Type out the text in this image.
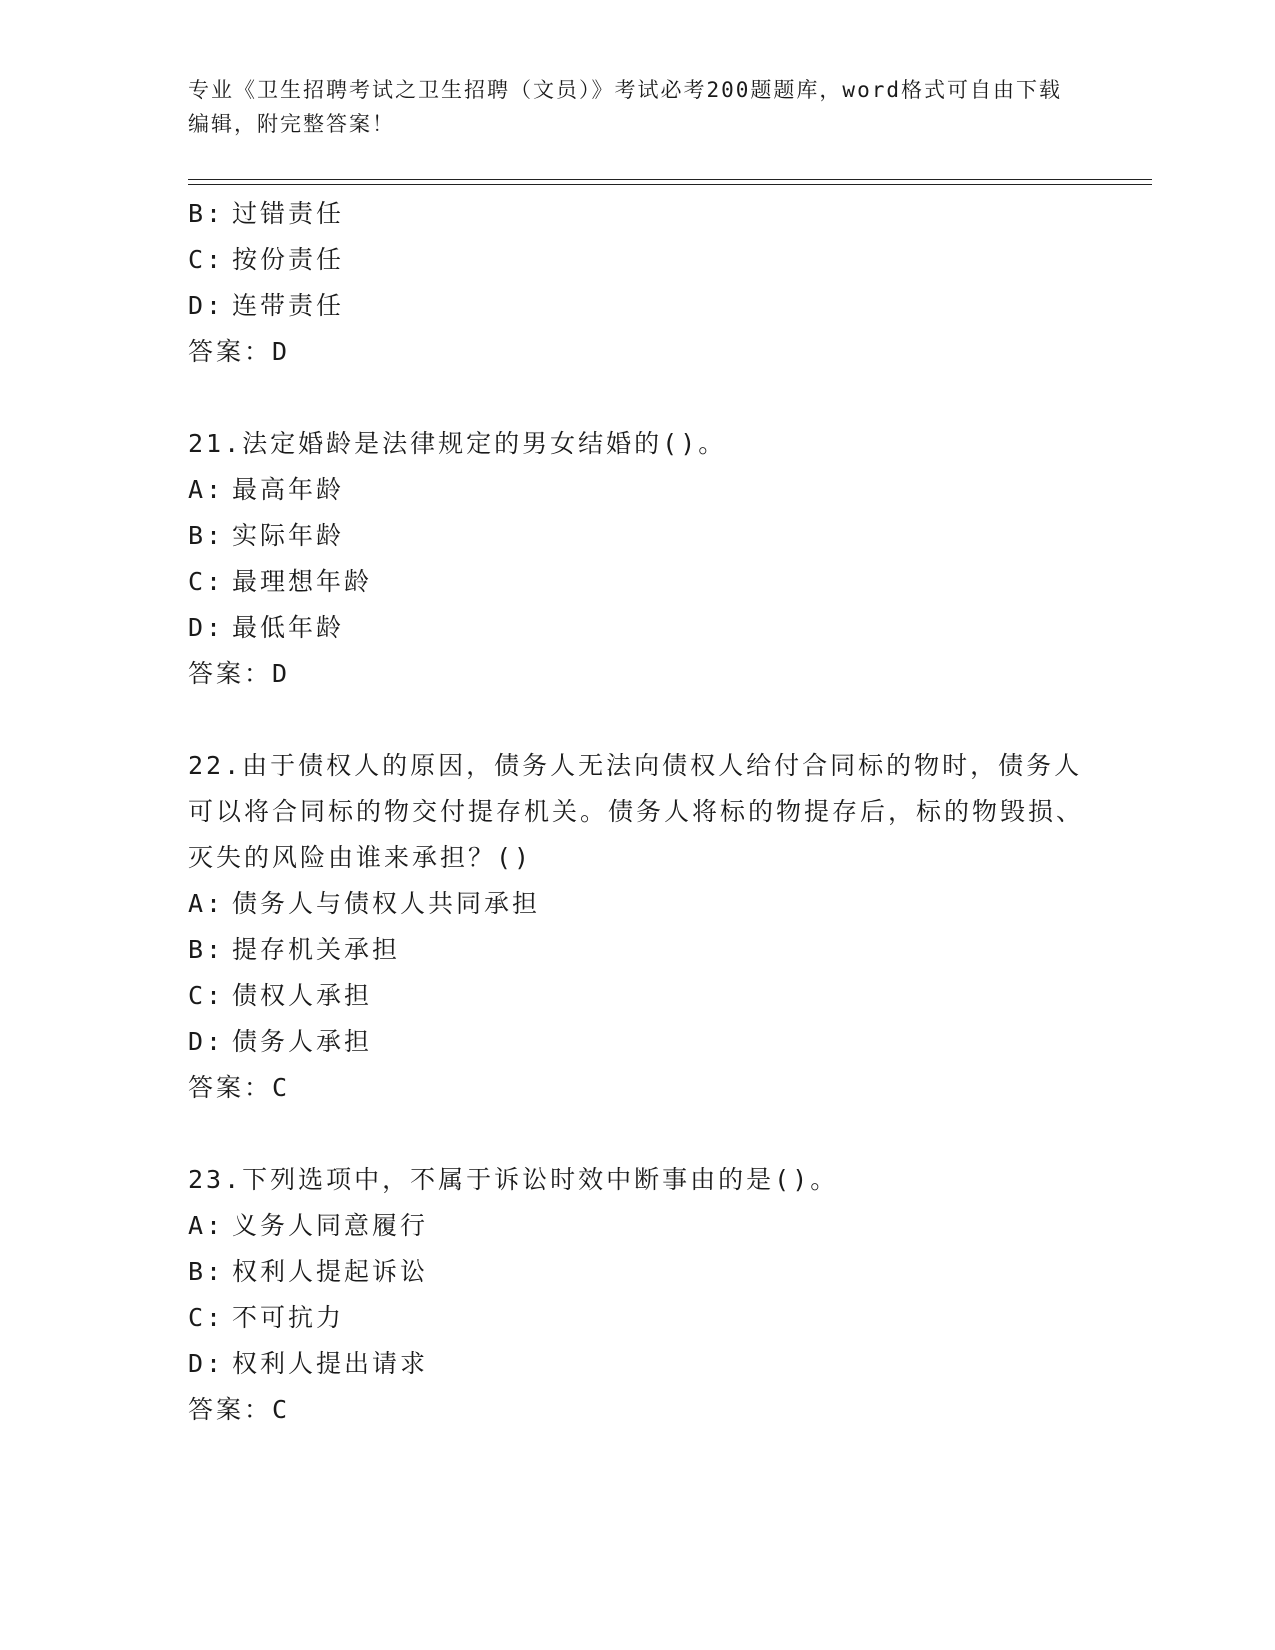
专业《卫生招聘考试之卫生招聘（文员）》考试必考200题题库，word格式可自由下载编辑，附完整答案！
B: 过错责任
C: 按份责任
D: 连带责任
答案：D
21.法定婚龄是法律规定的男女结婚的()。
A: 最高年龄
B: 实际年龄
C: 最理想年龄
D: 最低年龄
答案：D
22.由于债权人的原因，债务人无法向债权人给付合同标的物时，债务人可以将合同标的物交付提存机关。债务人将标的物提存后，标的物毁损、灭失的风险由谁来承担？()
A: 债务人与债权人共同承担
B: 提存机关承担
C: 债权人承担
D: 债务人承担
答案：C
23.下列选项中，不属于诉讼时效中断事由的是()。
A: 义务人同意履行
B: 权利人提起诉讼
C: 不可抗力
D: 权利人提出请求
答案：C
